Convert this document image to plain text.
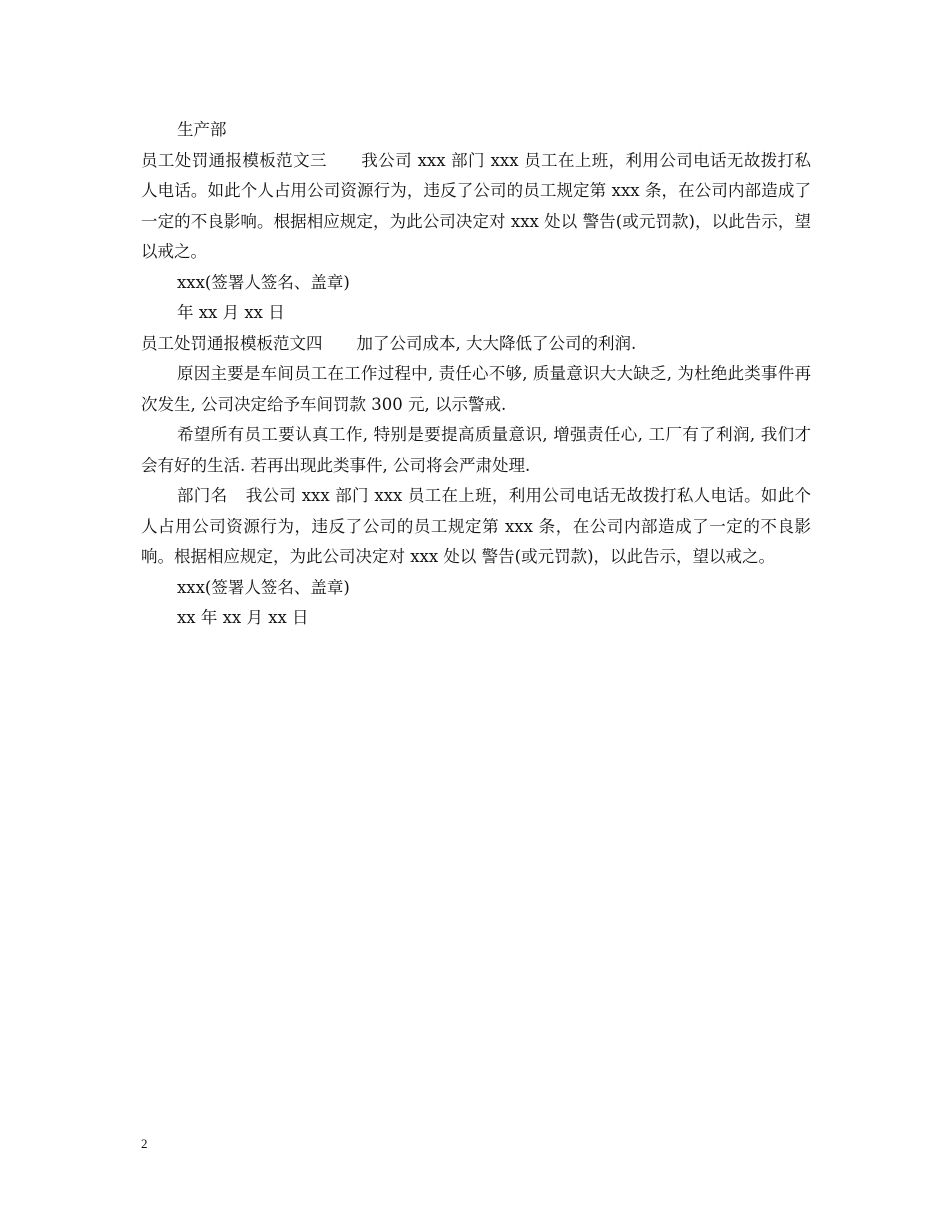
生产部

员工处罚通报模板范文三 我公司 xxx 部门 xxx 员工在上班，利用公司电话无故拨打私人电话。如此个人占用公司资源行为，违反了公司的员工规定第 xxx 条，在公司内部造成了一定的不良影响。根据相应规定，为此公司决定对 xxx 处以 警告(或元罚款)，以此告示，望以戒之。

xxx(签署人签名、盖章)

年 xx 月 xx 日

员工处罚通报模板范文四 加了公司成本, 大大降低了公司的利润.

原因主要是车间员工在工作过程中, 责任心不够, 质量意识大大缺乏, 为杜绝此类事件再次发生, 公司决定给予车间罚款 300 元, 以示警戒.

希望所有员工要认真工作, 特别是要提高质量意识, 增强责任心, 工厂有了利润, 我们才会有好的生活. 若再出现此类事件, 公司将会严肃处理.

部门名 我公司 xxx 部门 xxx 员工在上班，利用公司电话无故拨打私人电话。如此个人占用公司资源行为，违反了公司的员工规定第 xxx 条，在公司内部造成了一定的不良影响。根据相应规定，为此公司决定对 xxx 处以 警告(或元罚款)，以此告示，望以戒之。

xxx(签署人签名、盖章)

xx 年 xx 月 xx 日

2
